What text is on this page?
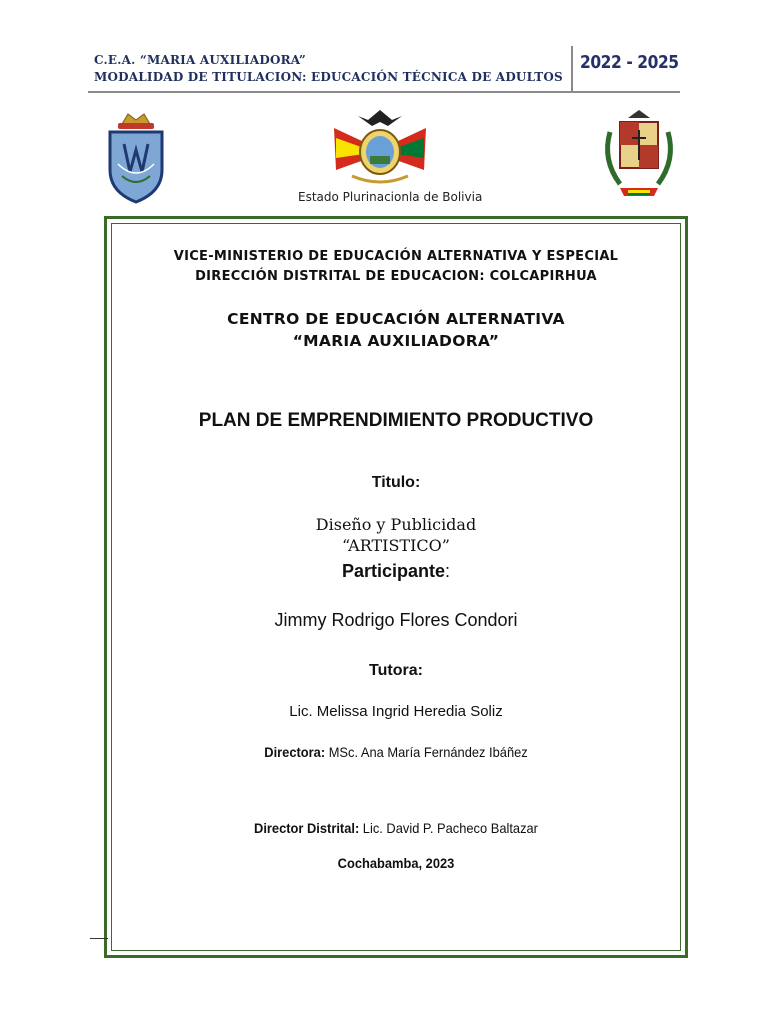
C.E.A. “MARIA AUXILIADORA”
MODALIDAD DE TITULACION: EDUCACIÓN TÉCNICA DE ADULTOS
2022 - 2025
Estado Plurinacionla de Bolivia
VICE-MINISTERIO DE EDUCACIÓN ALTERNATIVA Y ESPECIAL
DIRECCIÓN DISTRITAL DE EDUCACION: COLCAPIRHUA
CENTRO DE EDUCACIÓN ALTERNATIVA
“MARIA AUXILIADORA”
PLAN DE EMPRENDIMIENTO PRODUCTIVO
Titulo:
Diseño y Publicidad
“ARTISTICO”
Participante:
Jimmy Rodrigo Flores Condori
Tutora:
Lic. Melissa Ingrid Heredia Soliz
Directora: MSc. Ana María Fernández Ibáñez
Director Distrital: Lic. David P. Pacheco Baltazar
Cochabamba, 2023
